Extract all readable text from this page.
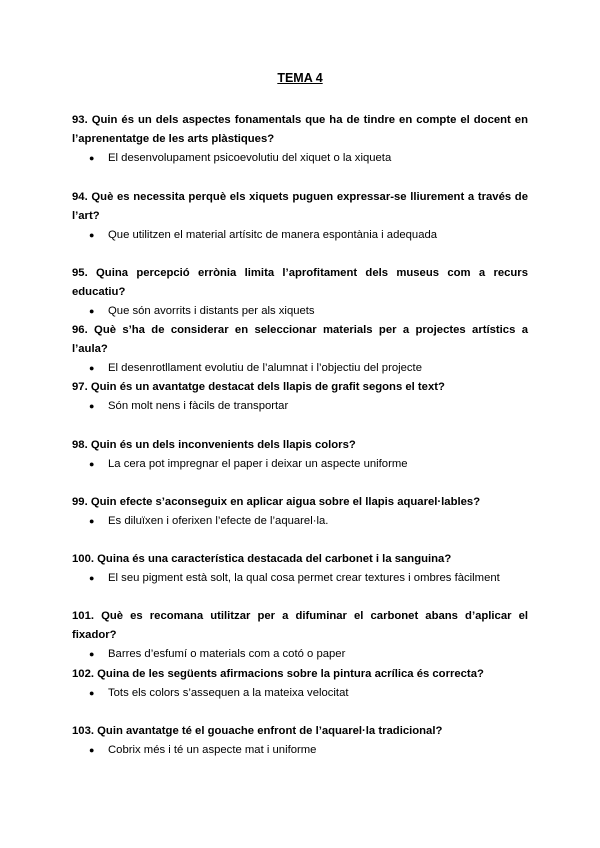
TEMA 4

93. Quin és un dels aspectes fonamentals que ha de tindre en compte el docent en l’aprenentatge de les arts plàstiques?

● El desenvolupament psicoevolutiu del xiquet o la xiqueta

94. Què es necessita perquè els xiquets puguen expressar-se lliurement a través de l’art?

● Que utilitzen el material artísitc de manera espontània i adequada

95. Quina percepció errònia limita l’aprofitament dels museus com a recurs educatiu?

● Que són avorrits i distants per als xiquets

96. Què s’ha de considerar en seleccionar materials per a projectes artístics a l’aula?

● El desenrotllament evolutiu de l’alumnat i l’objectiu del projecte

97. Quin és un avantatge destacat dels llapis de grafit segons el text?

● Són molt nens i fàcils de transportar

98. Quin és un dels inconvenients dels llapis colors?

● La cera pot impregnar el paper i deixar un aspecte uniforme

99. Quin efecte s’aconseguix en aplicar aigua sobre el llapis aquarel·lables?

● Es diluïxen i oferixen l’efecte de l’aquarel·la.

100. Quina és una característica destacada del carbonet i la sanguina?

● El seu pigment està solt, la qual cosa permet crear textures i ombres fàcilment

101. Què es recomana utilitzar per a difuminar el carbonet abans d’aplicar el fixador?

● Barres d’esfumí o materials com a cotó o paper

102. Quina de les següents afirmacions sobre la pintura acrílica és correcta?

● Tots els colors s’assequen a la mateixa velocitat

103. Quin avantatge té el gouache enfront de l’aquarel·la tradicional?

● Cobrix més i té un aspecte mat i uniforme
